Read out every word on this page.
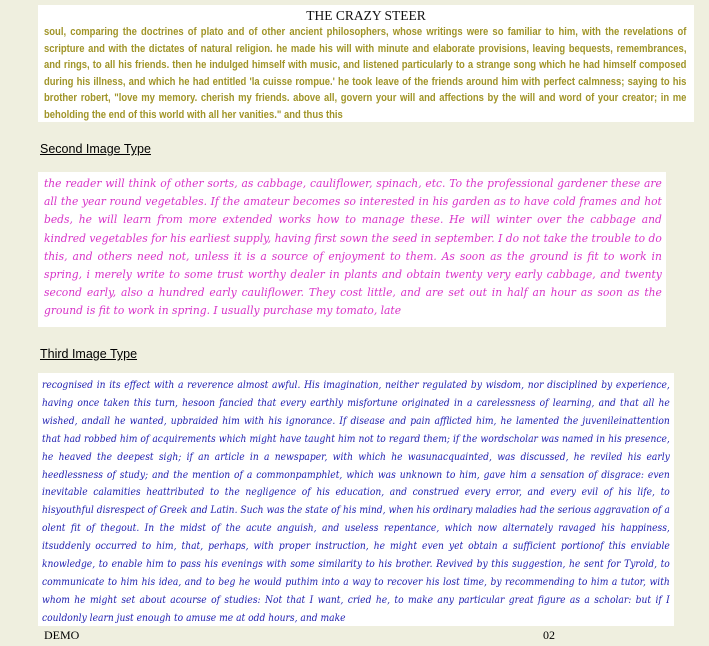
THE CRAZY STEER

soul, comparing the doctrines of plato and of other ancient philosophers, whose writings were so familiar to him, with the revelations of scripture and with the dictates of natural religion. he made his will with minute and elaborate provisions, leaving bequests, remembrances, and rings, to all his friends. then he indulged himself with music, and listened particularly to a strange song which he had himself composed during his illness, and which he had entitled 'la cuisse rompue.' he took leave of the friends around him with perfect calmness; saying to his brother robert, "love my memory. cherish my friends. above all, govern your will and affections by the will and word of your creator; in me beholding the end of this world with all her vanities." and thus this

Second Image Type

the reader will think of other sorts, as cabbage, cauliflower, spinach, etc. To the professional gardener these are all the year round vegetables. If the amateur becomes so interested in his garden as to have cold frames and hot beds, he will learn from more extended works how to manage these. He will winter over the cabbage and kindred vegetables for his earliest supply, having first sown the seed in september. I do not take the trouble to do this, and others need not, unless it is a source of enjoyment to them. As soon as the ground is fit to work in spring, i merely write to some trust worthy dealer in plants and obtain twenty very early cabbage, and twenty second early, also a hundred early cauliflower. They cost little, and are set out in half an hour as soon as the ground is fit to work in spring. I usually purchase my tomato, late

Third Image Type

recognised in its effect with a reverence almost awful. His imagination, neither regulated by wisdom, nor disciplined by experience, having once taken this turn, hesoon fancied that every earthly misfortune originated in a carelessness of learning, and that all he wished, andall he wanted, upbraided him with his ignorance. If disease and pain afflicted him, he lamented the juvenileinattention that had robbed him of acquirements which might have taught him not to regard them; if the wordscholar was named in his presence, he heaved the deepest sigh; if an article in a newspaper, with which he wasunacquainted, was discussed, he reviled his early heedlessness of study; and the mention of a commonpamphlet, which was unknown to him, gave him a sensation of disgrace: even inevitable calamities heattributed to the negligence of his education, and construed every error, and every evil of his life, to hisyouthful disrespect of Greek and Latin. Such was the state of his mind, when his ordinary maladies had the serious aggravation of a olent fit of thegout. In the midst of the acute anguish, and useless repentance, which now alternately ravaged his happiness, itsuddenly occurred to him, that, perhaps, with proper instruction, he might even yet obtain a sufficient portionof this enviable knowledge, to enable him to pass his evenings with some similarity to his brother. Revived by this suggestion, he sent for Tyrold, to communicate to him his idea, and to beg he would puthim into a way to recover his lost time, by recommending to him a tutor, with whom he might set about acourse of studies: Not that I want, cried he, to make any particular great figure as a scholar: but if I couldonly learn just enough to amuse me at odd hours, and make

DEMO	02
